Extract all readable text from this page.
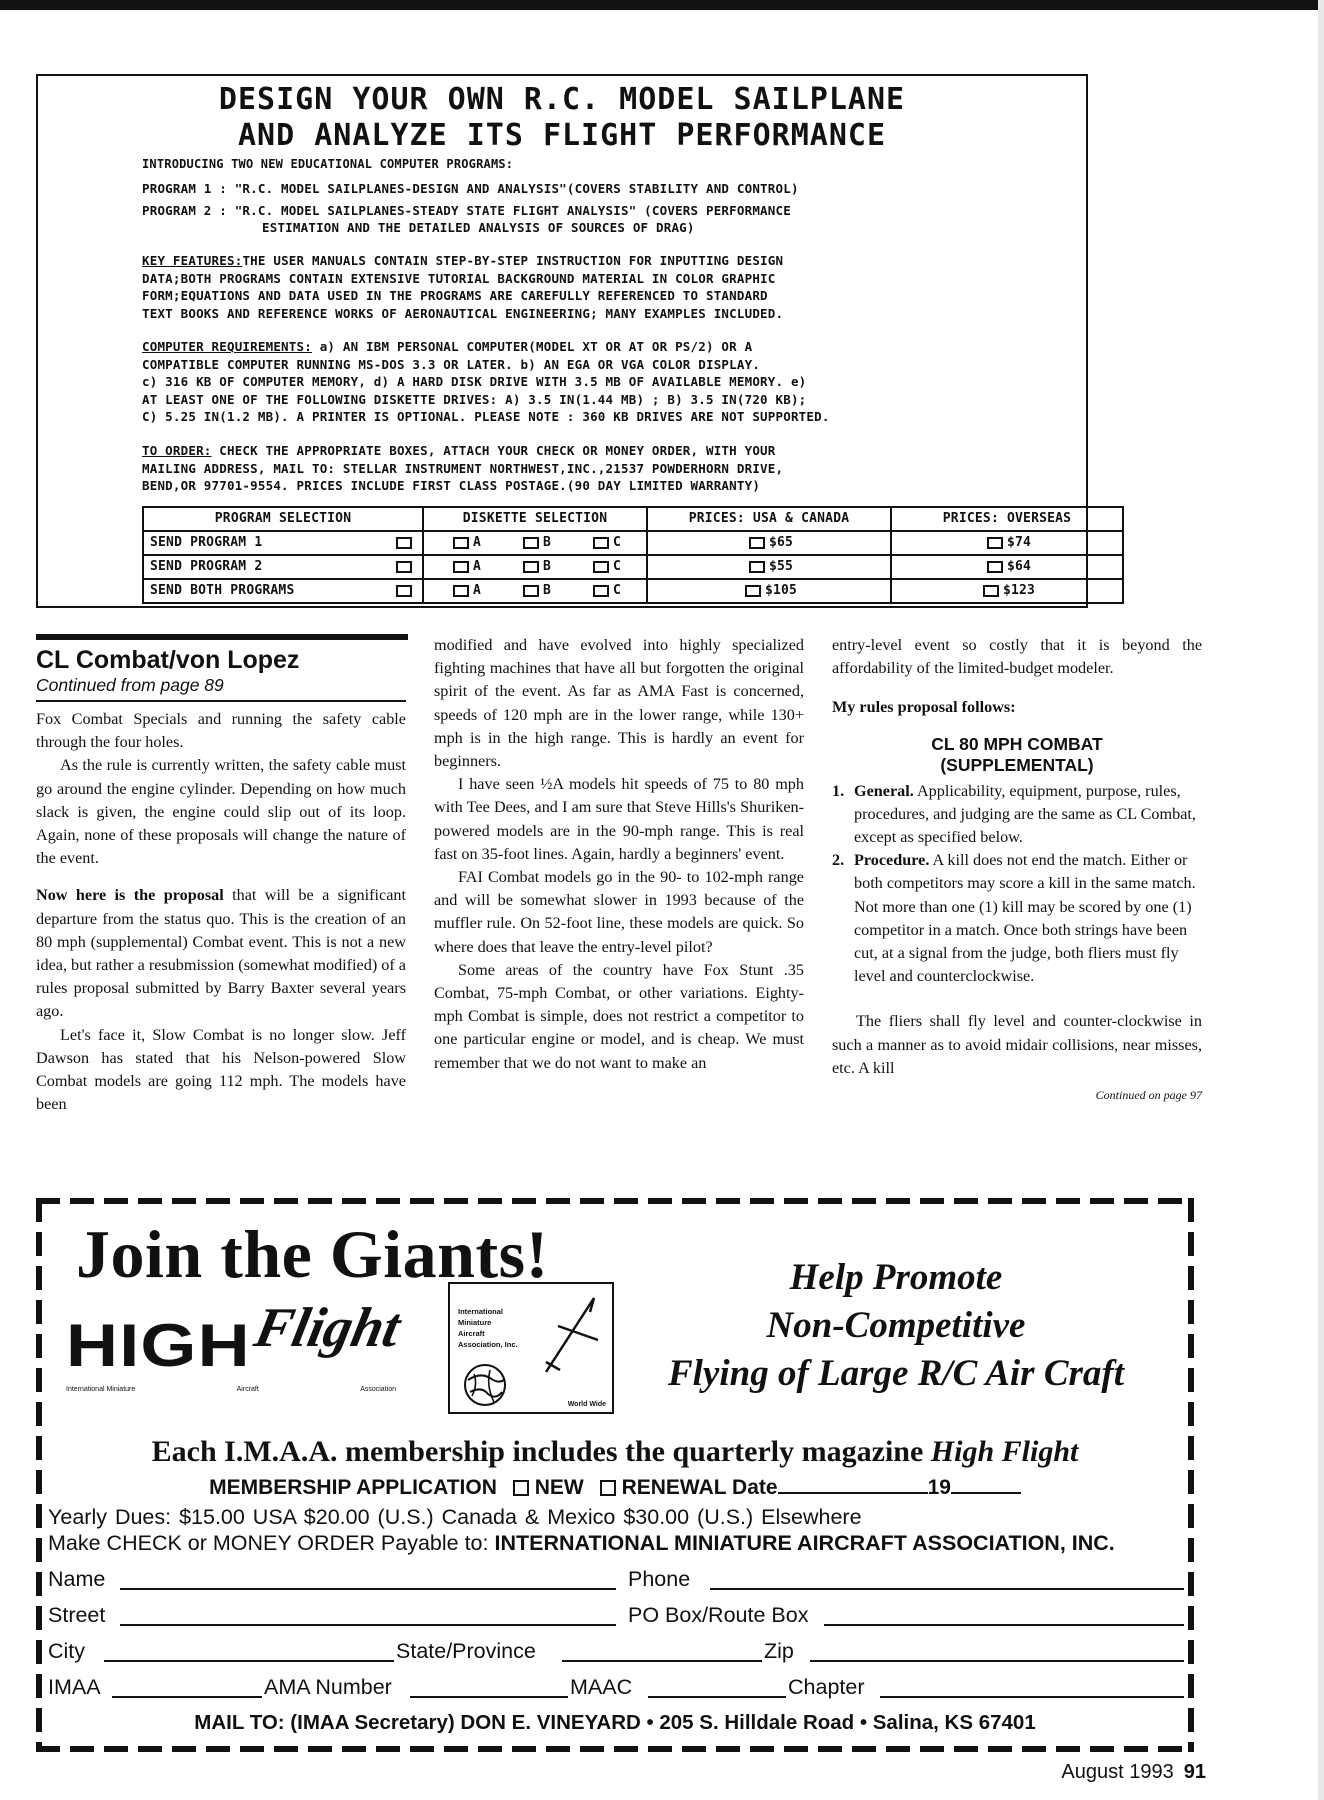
DESIGN YOUR OWN R.C. MODEL SAILPLANE
AND ANALYZE ITS FLIGHT PERFORMANCE
INTRODUCING TWO NEW EDUCATIONAL COMPUTER PROGRAMS:
PROGRAM 1 : "R.C. MODEL SAILPLANES-DESIGN AND ANALYSIS"(COVERS STABILITY AND CONTROL)
PROGRAM 2 : "R.C. MODEL SAILPLANES-STEADY STATE FLIGHT ANALYSIS" (COVERS PERFORMANCE
ESTIMATION AND THE DETAILED ANALYSIS OF SOURCES OF DRAG)
KEY FEATURES:THE USER MANUALS CONTAIN STEP-BY-STEP INSTRUCTION FOR INPUTTING DESIGN
DATA;BOTH PROGRAMS CONTAIN EXTENSIVE TUTORIAL BACKGROUND MATERIAL IN COLOR GRAPHIC
FORM;EQUATIONS AND DATA USED IN THE PROGRAMS ARE CAREFULLY REFERENCED TO STANDARD
TEXT BOOKS AND REFERENCE WORKS OF AERONAUTICAL ENGINEERING; MANY EXAMPLES INCLUDED.
COMPUTER REQUIREMENTS: a) AN IBM PERSONAL COMPUTER(MODEL XT OR AT OR PS/2) OR A
COMPATIBLE COMPUTER RUNNING MS-DOS 3.3 OR LATER. b) AN EGA OR VGA COLOR DISPLAY.
c) 316 KB OF COMPUTER MEMORY, d) A HARD DISK DRIVE WITH 3.5 MB OF AVAILABLE MEMORY. e)
AT LEAST ONE OF THE FOLLOWING DISKETTE DRIVES: A) 3.5 IN(1.44 MB) ; B) 3.5 IN(720 KB);
C) 5.25 IN(1.2 MB). A PRINTER IS OPTIONAL. PLEASE NOTE : 360 KB DRIVES ARE NOT SUPPORTED.
TO ORDER: CHECK THE APPROPRIATE BOXES, ATTACH YOUR CHECK OR MONEY ORDER, WITH YOUR
MAILING ADDRESS, MAIL TO: STELLAR INSTRUMENT NORTHWEST,INC.,21537 POWDERHORN DRIVE,
BEND,OR 97701-9554. PRICES INCLUDE FIRST CLASS POSTAGE.(90 DAY LIMITED WARRANTY)
PROGRAM SELECTION	DISKETTE SELECTION	PRICES: USA & CANADA	PRICES: OVERSEAS

SEND PROGRAM 1	A B C	$65	$74

SEND PROGRAM 2	A B C	$55	$64

SEND BOTH PROGRAMS	A B C	$105	$123
CL Combat/von Lopez
Continued from page 89

Fox Combat Specials and running the safety cable through the four holes.

As the rule is currently written, the safety cable must go around the engine cylinder. Depending on how much slack is given, the engine could slip out of its loop. Again, none of these proposals will change the nature of the event.

Now here is the proposal that will be a significant departure from the status quo. This is the creation of an 80 mph (supplemental) Combat event. This is not a new idea, but rather a resubmission (somewhat modified) of a rules proposal submitted by Barry Baxter several years ago.

Let's face it, Slow Combat is no longer slow. Jeff Dawson has stated that his Nelson-powered Slow Combat models are going 112 mph. The models have been

modified and have evolved into highly specialized fighting machines that have all but forgotten the original spirit of the event. As far as AMA Fast is concerned, speeds of 120 mph are in the lower range, while 130+ mph is in the high range. This is hardly an event for beginners.

I have seen ½A models hit speeds of 75 to 80 mph with Tee Dees, and I am sure that Steve Hills's Shuriken-powered models are in the 90-mph range. This is real fast on 35-foot lines. Again, hardly a beginners' event.

FAI Combat models go in the 90- to 102-mph range and will be somewhat slower in 1993 because of the muffler rule. On 52-foot line, these models are quick. So where does that leave the entry-level pilot?

Some areas of the country have Fox Stunt .35 Combat, 75-mph Combat, or other variations. Eighty-mph Combat is simple, does not restrict a competitor to one particular engine or model, and is cheap. We must remember that we do not want to make an

entry-level event so costly that it is beyond the affordability of the limited-budget modeler.

My rules proposal follows:

CL 80 MPH COMBAT
(SUPPLEMENTAL)
1. General. Applicability, equipment, purpose, rules, procedures, and judging are the same as CL Combat, except as specified below.
2. Procedure. A kill does not end the match. Either or both competitors may score a kill in the same match. Not more than one (1) kill may be scored by one (1) competitor in a match. Once both strings have been cut, at a signal from the judge, both fliers must fly level and counterclockwise.

The fliers shall fly level and counter-clockwise in such a manner as to avoid midair collisions, near misses, etc. A kill

Continued on page 97
Join the Giants!
HIGH
Flight
International Miniature	Aircraft	Association
International
Miniature
Aircraft
Association, Inc.
World Wide
Help Promote
Non-Competitive
Flying of Large R/C Air Craft
Each I.M.A.A. membership includes the quarterly magazine High Flight
MEMBERSHIP APPLICATION NEW RENEWAL Date	19
Yearly Dues: $15.00 USA $20.00 (U.S.) Canada & Mexico $30.00 (U.S.) Elsewhere
Make CHECK or MONEY ORDER Payable to: INTERNATIONAL MINIATURE AIRCRAFT ASSOCIATION, INC.
Name	Phone
Street	PO Box/Route Box
City	State/Province	Zip
IMAA	AMA Number	MAAC	Chapter
MAIL TO: (IMAA Secretary) DON E. VINEYARD • 205 S. Hilldale Road • Salina, KS 67401
August 1993 91
